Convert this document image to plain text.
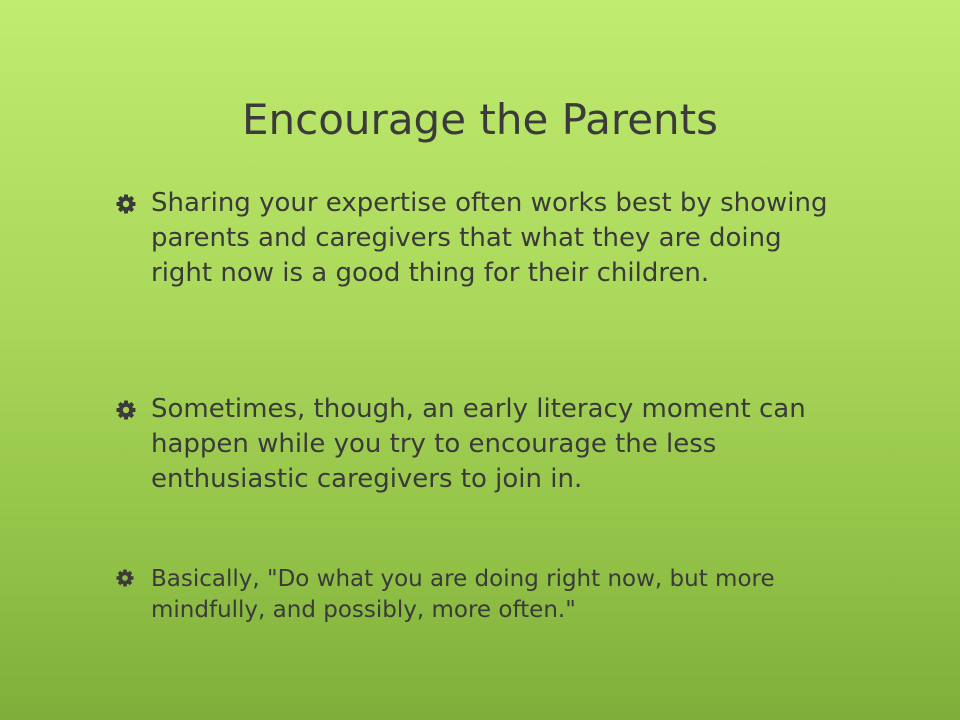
Encourage the Parents
Sharing your expertise often works best by showing parents and caregivers that what they are doing right now is a good thing for their children.
Sometimes, though, an early literacy moment can happen while you try to encourage the less enthusiastic caregivers to join in.
Basically, "Do what you are doing right now, but more mindfully, and possibly, more often."
